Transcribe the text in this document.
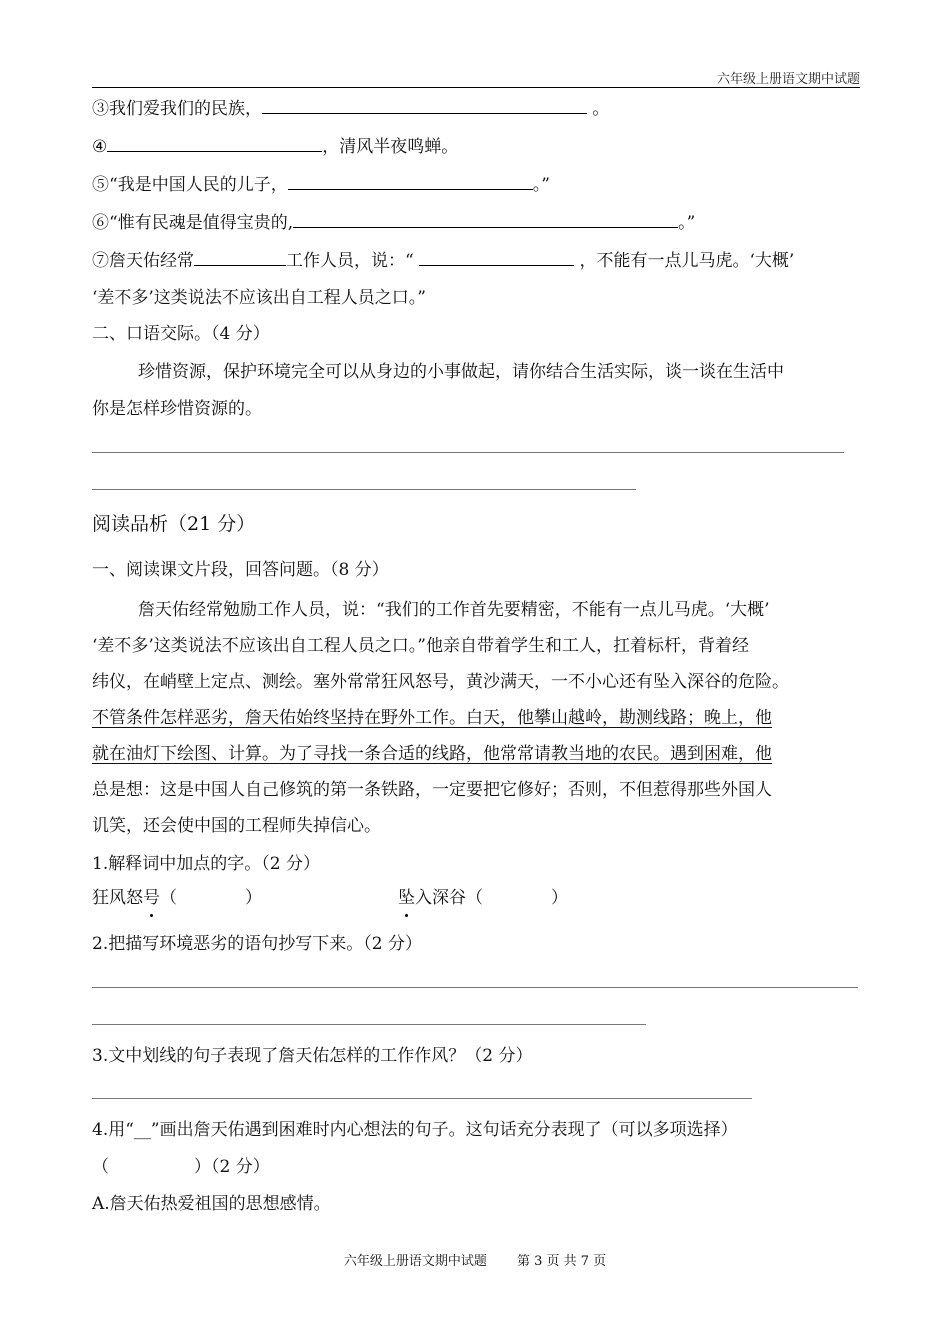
六年级上册语文期中试题
③我们爱我们的民族，	。
④	，清风半夜鸣蝉。
⑤“我是中国人民的儿子，	。”
⑥“惟有民魂是值得宝贵的,	。”
⑦詹天佑经常	工作人员，说：“	，不能有一点儿马虎。‘大概’
‘差不多’这类说法不应该出自工程人员之口。”
二、口语交际。（4 分）
珍惜资源，保护环境完全可以从身边的小事做起，请你结合生活实际，谈一谈在生活中
你是怎样珍惜资源的。
阅读品析（21 分）
一、阅读课文片段，回答问题。（8 分）
詹天佑经常勉励工作人员，说：“我们的工作首先要精密，不能有一点儿马虎。‘大概’
‘差不多’这类说法不应该出自工程人员之口。”他亲自带着学生和工人，扛着标杆，背着经
纬仪，在峭壁上定点、测绘。塞外常常狂风怒号，黄沙满天，一不小心还有坠入深谷的危险。
不管条件怎样恶劣，詹天佑始终坚持在野外工作。白天，他攀山越岭，勘测线路；晚上，他
就在油灯下绘图、计算。为了寻找一条合适的线路，他常常请教当地的农民。遇到困难，他
总是想：这是中国人自己修筑的第一条铁路，一定要把它修好；否则，不但惹得那些外国人
讥笑，还会使中国的工程师失掉信心。
1.解释词中加点的字。（2 分）
狂风怒号（　　　　）	坠入深谷（　　　　）
2.把描写环境恶劣的语句抄写下来。（2 分）
3.文中划线的句子表现了詹天佑怎样的工作作风？（2 分）
4.用“__”画出詹天佑遇到困难时内心想法的句子。这句话充分表现了（可以多项选择）
（　　　　　）（2 分）
A.詹天佑热爱祖国的思想感情。
六年级上册语文期中试题 第 3 页 共 7 页
